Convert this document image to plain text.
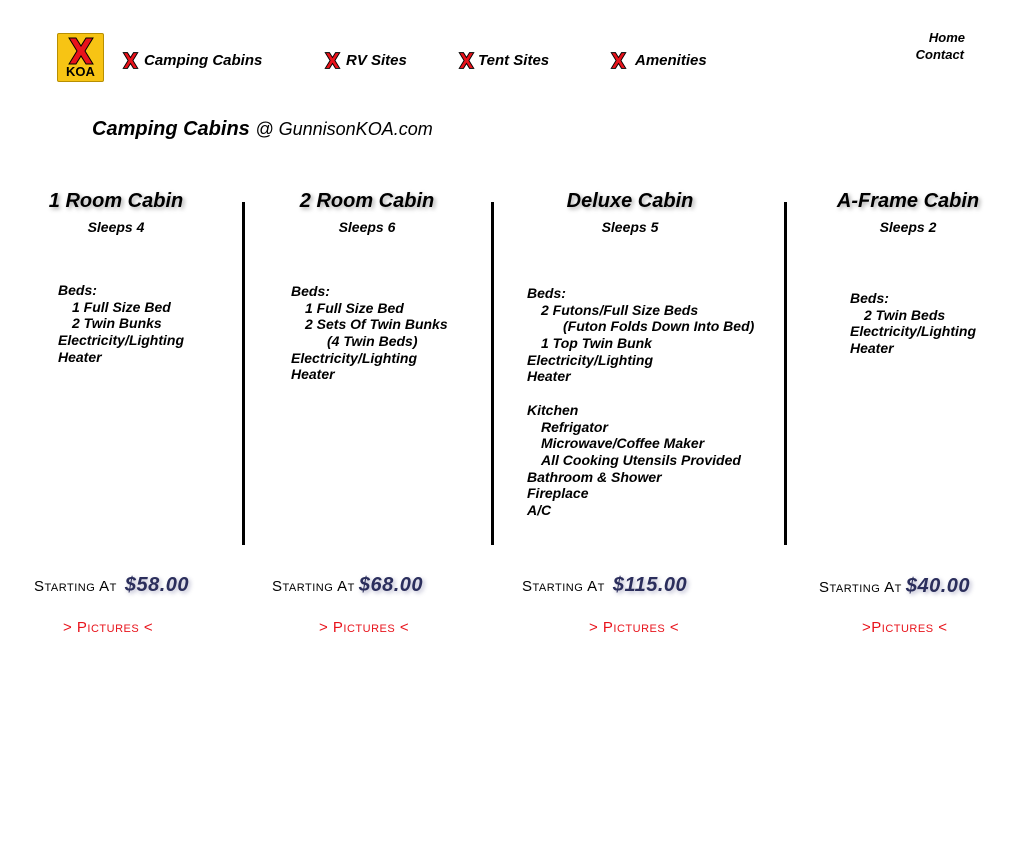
KOA
Camping Cabins	RV Sites	Tent Sites	Amenities
Home
Contact
Camping Cabins @ GunnisonKOA.com
1 Room Cabin
Sleeps 4
Beds:
1 Full Size Bed
2 Twin Bunks
Electricity/Lighting
Heater
Starting At $58.00
> Pictures <
2 Room Cabin
Sleeps 6
Beds:
1 Full Size Bed
2 Sets Of Twin Bunks
(4 Twin Beds)
Electricity/Lighting
Heater
Starting At $68.00
> Pictures <
Deluxe Cabin
Sleeps 5
Beds:
2 Futons/Full Size Beds
(Futon Folds Down Into Bed)
1 Top Twin Bunk
Electricity/Lighting
Heater
Kitchen
Refrigator
Microwave/Coffee Maker
All Cooking Utensils Provided
Bathroom & Shower
Fireplace
A/C
Starting At $115.00
> Pictures <
A-Frame Cabin
Sleeps 2
Beds:
2 Twin Beds
Electricity/Lighting
Heater
Starting At $40.00
>Pictures <
